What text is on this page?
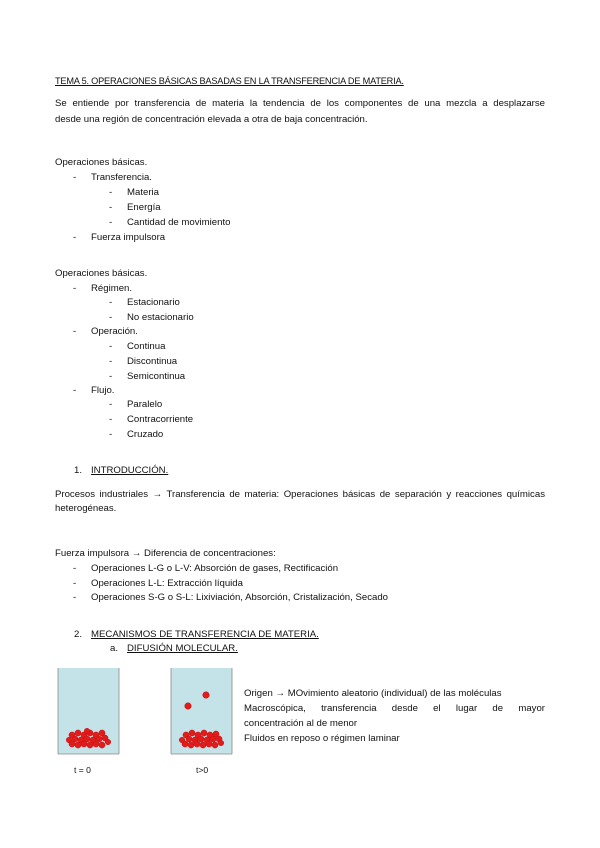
TEMA 5. OPERACIONES BÁSICAS BASADAS EN LA TRANSFERENCIA DE MATERIA.
Se entiende por transferencia de materia la tendencia de los componentes de una mezcla a desplazarse
desde una región de concentración elevada a otra de baja concentración.
Operaciones básicas.
- Transferencia.
- Materia
- Energía
- Cantidad de movimiento
- Fuerza impulsora
Operaciones básicas.
- Régimen.
- Estacionario
- No estacionario
- Operación.
- Continua
- Discontinua
- Semicontinua
- Flujo.
- Paralelo
- Contracorriente
- Cruzado
1. INTRODUCCIÓN.
Procesos industriales → Transferencia de materia: Operaciones básicas de separación y reacciones químicas
heterogéneas.
Fuerza impulsora → Diferencia de concentraciones:
- Operaciones L-G o L-V: Absorción de gases, Rectificación
- Operaciones L-L: Extracción líquida
- Operaciones S-G o S-L: Lixiviación, Absorción, Cristalización, Secado
2. MECANISMOS DE TRANSFERENCIA DE MATERIA.
a. DIFUSIÓN MOLECULAR.
t = 0	t>0
Origen → MOvimiento aleatorio (individual) de las moléculas
Macroscópica, transferencia desde el lugar de mayor
concentración al de menor
Fluidos en reposo o régimen laminar
